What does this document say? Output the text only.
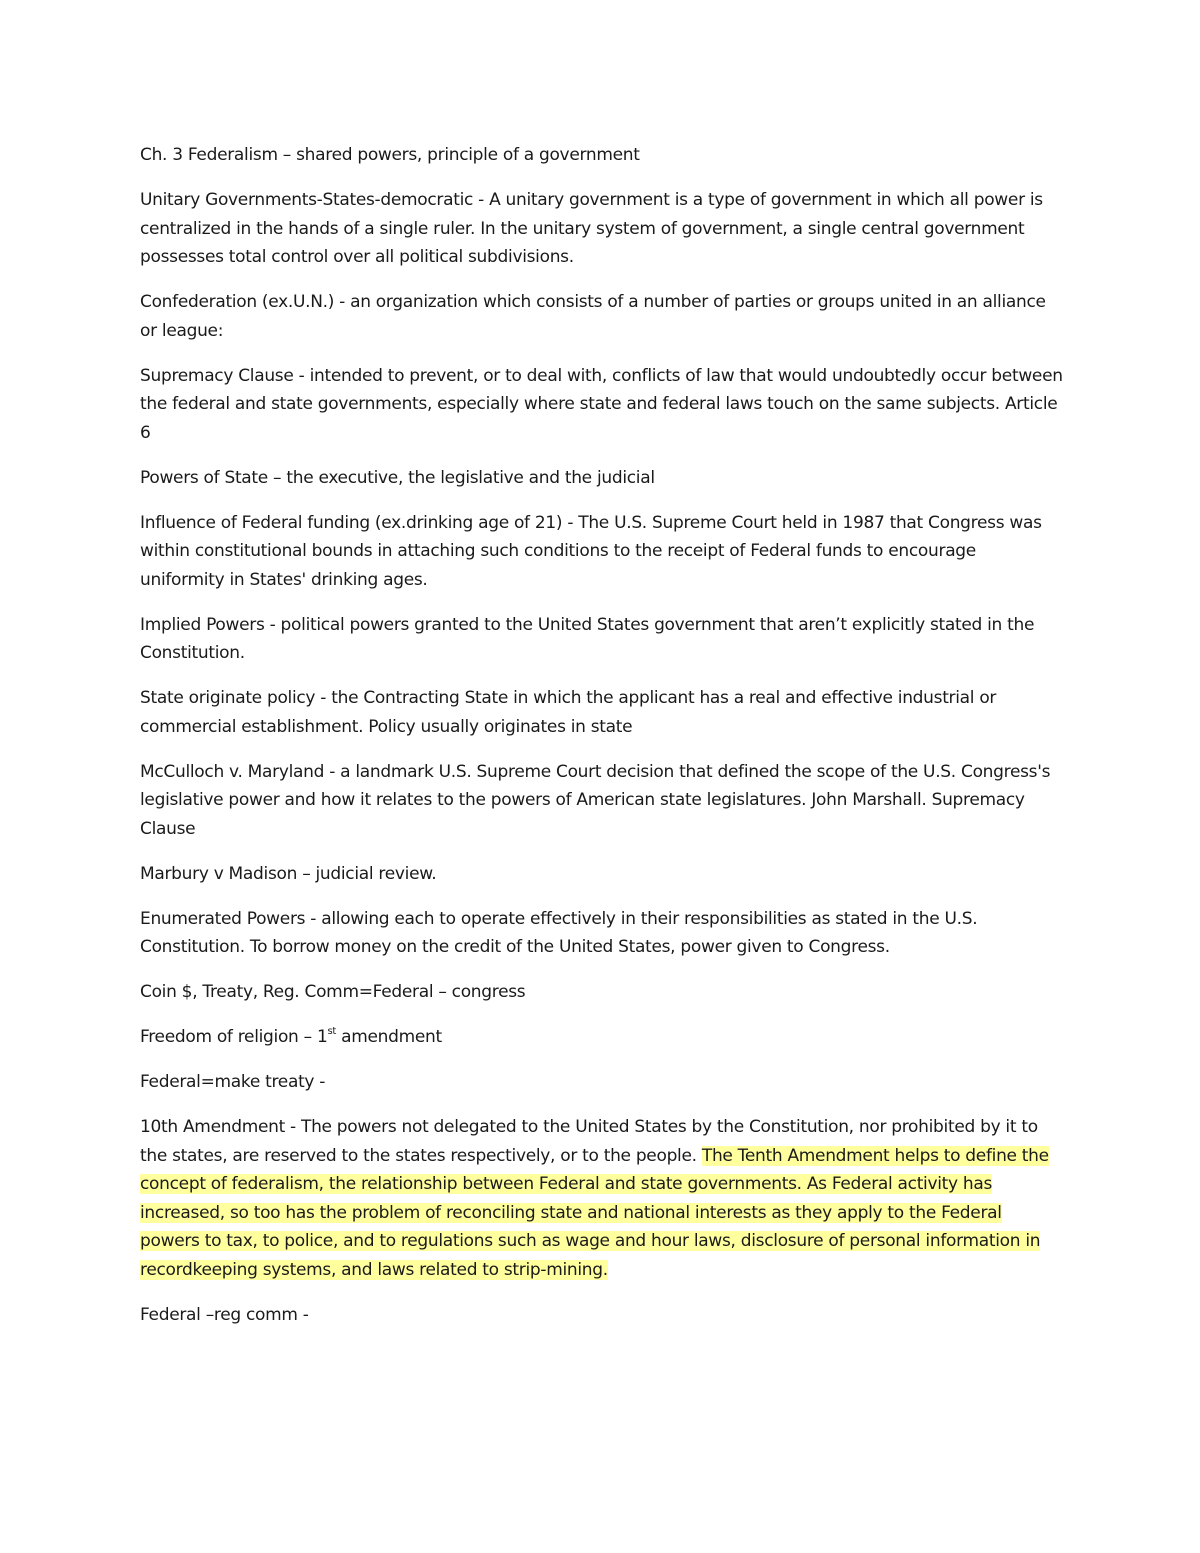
Ch. 3 Federalism – shared powers, principle of a government

Unitary Governments-States-democratic - A unitary government is a type of government in which all power is centralized in the hands of a single ruler. In the unitary system of government, a single central government possesses total control over all political subdivisions.

Confederation (ex.U.N.) - an organization which consists of a number of parties or groups united in an alliance or league:

Supremacy Clause - intended to prevent, or to deal with, conflicts of law that would undoubtedly occur between the federal and state governments, especially where state and federal laws touch on the same subjects. Article 6

Powers of State – the executive, the legislative and the judicial

Influence of Federal funding (ex.drinking age of 21) - The U.S. Supreme Court held in 1987 that Congress was within constitutional bounds in attaching such conditions to the receipt of Federal funds to encourage uniformity in States' drinking ages.

Implied Powers - political powers granted to the United States government that aren’t explicitly stated in the Constitution.

State originate policy - the Contracting State in which the applicant has a real and effective industrial or commercial establishment. Policy usually originates in state

McCulloch v. Maryland - a landmark U.S. Supreme Court decision that defined the scope of the U.S. Congress's legislative power and how it relates to the powers of American state legislatures. John Marshall. Supremacy Clause

Marbury v Madison – judicial review.

Enumerated Powers - allowing each to operate effectively in their responsibilities as stated in the U.S. Constitution. To borrow money on the credit of the United States, power given to Congress.

Coin $, Treaty, Reg. Comm=Federal – congress

Freedom of religion – 1st amendment

Federal=make treaty -

10th Amendment - The powers not delegated to the United States by the Constitution, nor prohibited by it to the states, are reserved to the states respectively, or to the people. The Tenth Amendment helps to define the concept of federalism, the relationship between Federal and state governments. As Federal activity has increased, so too has the problem of reconciling state and national interests as they apply to the Federal powers to tax, to police, and to regulations such as wage and hour laws, disclosure of personal information in recordkeeping systems, and laws related to strip-mining.

Federal –reg comm -
